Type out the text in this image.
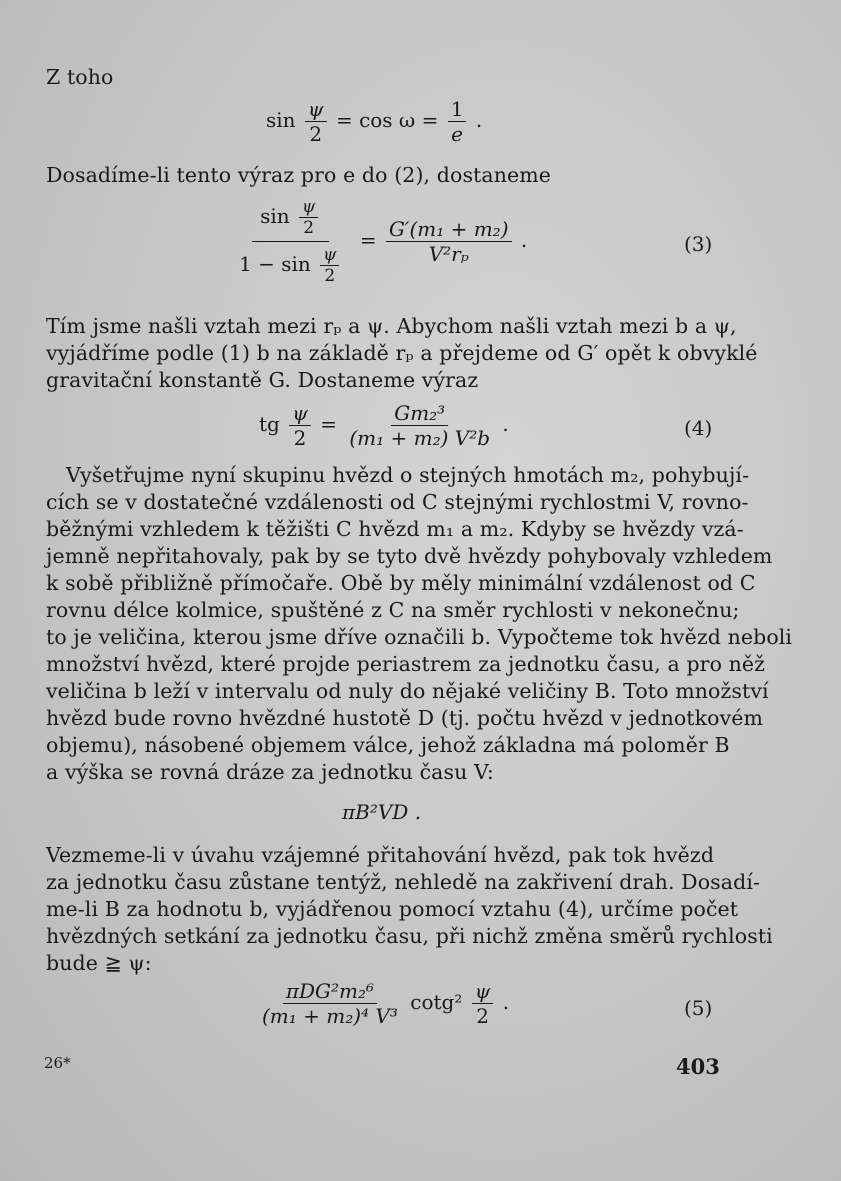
Z toho
$\sin \frac{\psi}{2} = \cos \omega = \frac{1}{e}$ .
Dosadíme-li tento výraz pro e do (2), dostaneme
$\frac{\sin \frac{\psi}{2}}{1 - \sin \frac{\psi}{2}} = \frac{\text{G′(m₁ + m₂)}}{\text{V²rₚ}}$ .	(3)
Tím jsme našli vztah mezi rₚ a ψ. Abychom našli vztah mezi b a ψ,
vyjádříme podle (1) b na základě rₚ a přejdeme od G′ opět k obvyklé
gravitační konstantě G. Dostaneme výraz
tg $\frac{\psi}{2} = \frac{\text{Gm₂³}}{\text{(m₁ + m₂) V²b}}$ .	(4)
Vyšetřujme nyní skupinu hvězd o stejných hmotách m₂, pohybují-
cích se v dostatečné vzdálenosti od C stejnými rychlostmi V, rovno-
běžnými vzhledem k těžišti C hvězd m₁ a m₂. Kdyby se hvězdy vzá-
jemně nepřitahovaly, pak by se tyto dvě hvězdy pohybovaly vzhledem
k sobě přibližně přímočaře. Obě by měly minimální vzdálenost od C
rovnu délce kolmice, spuštěné z C na směr rychlosti v nekonečnu;
to je veličina, kterou jsme dříve označili b. Vypočteme tok hvězd neboli
množství hvězd, které projde periastrem za jednotku času, a pro něž
veličina b leží v intervalu od nuly do nějaké veličiny B. Toto množství
hvězd bude rovno hvězdné hustotě D (tj. počtu hvězd v jednotkovém
objemu), násobené objemem válce, jehož základna má poloměr B
a výška se rovná dráze za jednotku času V:
πB²VD .
Vezmeme-li v úvahu vzájemné přitahování hvězd, pak tok hvězd
za jednotku času zůstane tentýž, nehledě na zakřivení drah. Dosadí-
me-li B za hodnotu b, vyjádřenou pomocí vztahu (4), určíme počet
hvězdných setkání za jednotku času, při nichž změna směrů rychlosti
bude ≧ ψ:
$\frac{\text{πDG²m₂⁶}}{\text{(m₁ + m₂)⁴ V³}} \cot g^2 \frac{\psi}{2}$ .	(5)
26*	403
